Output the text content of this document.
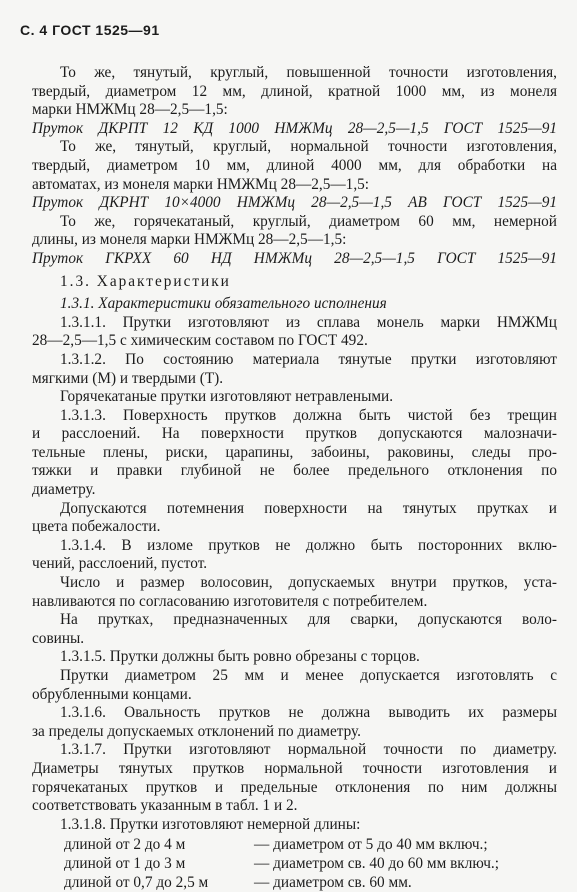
С. 4 ГОСТ 1525—91
То же, тянутый, круглый, повышенной точности изготовления,
твердый, диаметром 12 мм, длиной, кратной 1000 мм, из монеля
марки НМЖМц 28—2,5—1,5:
Пруток ДКРПТ 12 КД 1000 НМЖМц 28—2,5—1,5 ГОСТ 1525—91
То же, тянутый, круглый, нормальной точности изготовления,
твердый, диаметром 10 мм, длиной 4000 мм, для обработки на
автоматах, из монеля марки НМЖМц 28—2,5—1,5:
Пруток ДКРНТ 10×4000 НМЖМц 28—2,5—1,5 АВ ГОСТ 1525—91
То же, горячекатаный, круглый, диаметром 60 мм, немерной
длины, из монеля марки НМЖМц 28—2,5—1,5:
Пруток ГКРХХ 60 НД НМЖМц 28—2,5—1,5 ГОСТ 1525—91
1.3. Характеристики
1.3.1. Характеристики обязательного исполнения
1.3.1.1. Прутки изготовляют из сплава монель марки НМЖМц
28—2,5—1,5 с химическим составом по ГОСТ 492.
1.3.1.2. По состоянию материала тянутые прутки изготовляют
мягкими (М) и твердыми (Т).
Горячекатаные прутки изготовляют нетравлеными.
1.3.1.3. Поверхность прутков должна быть чистой без трещин
и расслоений. На поверхности прутков допускаются малозначи-
тельные плены, риски, царапины, забоины, раковины, следы про-
тяжки и правки глубиной не более предельного отклонения по
диаметру.
Допускаются потемнения поверхности на тянутых прутках и
цвета побежалости.
1.3.1.4. В изломе прутков не должно быть посторонних вклю-
чений, расслоений, пустот.
Число и размер волосовин, допускаемых внутри прутков, уста-
навливаются по согласованию изготовителя с потребителем.
На прутках, предназначенных для сварки, допускаются воло-
совины.
1.3.1.5. Прутки должны быть ровно обрезаны с торцов.
Прутки диаметром 25 мм и менее допускается изготовлять с
обрубленными концами.
1.3.1.6. Овальность прутков не должна выводить их размеры
за пределы допускаемых отклонений по диаметру.
1.3.1.7. Прутки изготовляют нормальной точности по диаметру.
Диаметры тянутых прутков нормальной точности изготовления и
горячекатаных прутков и предельные отклонения по ним должны
соответствовать указанным в табл. 1 и 2.
1.3.1.8. Прутки изготовляют немерной длины:
длиной от 2 до 4 м	— диаметром от 5 до 40 мм включ.;
длиной от 1 до 3 м	— диаметром св. 40 до 60 мм включ.;
длиной от 0,7 до 2,5 м	— диаметром св. 60 мм.
